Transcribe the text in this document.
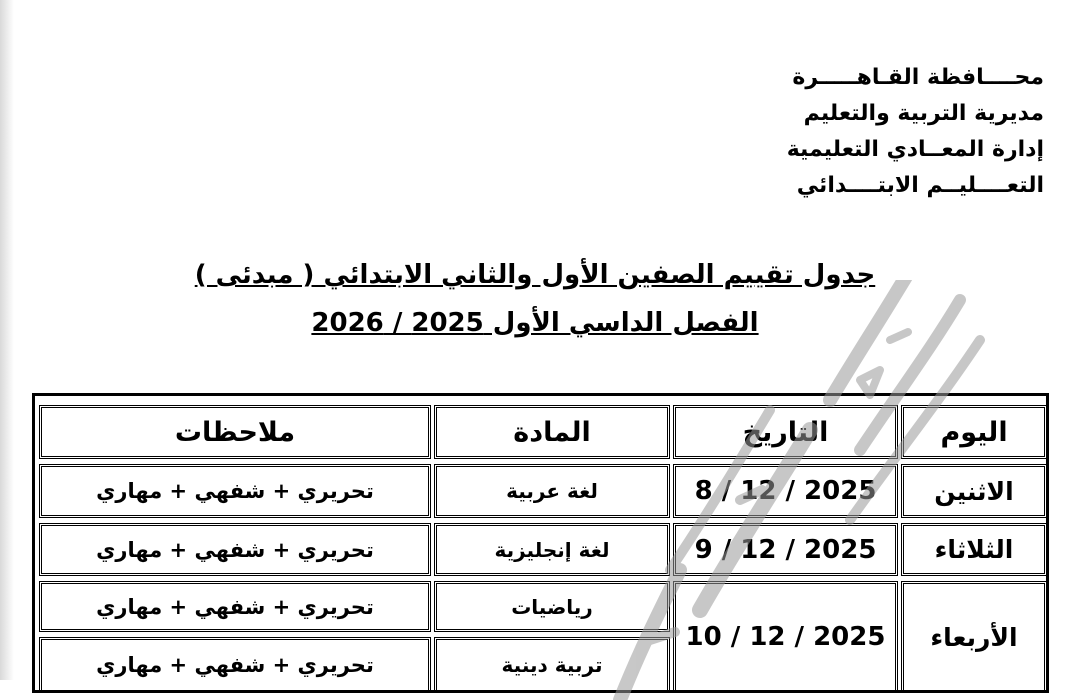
محــــافظة القـاهـــــرة
مديرية التربية والتعليم
إدارة المعــادي التعليمية
التعــــليــم الابتــــدائي
جدول تقييم الصفين الأول والثاني الابتدائي ( مبدئى )
الفصل الداسي الأول 2025 / 2026
اليوم
التاريخ
المادة
ملاحظات
الاثنين
8 / 12 / 2025
لغة عربية
تحريري + شفهي + مهاري
الثلاثاء
9 / 12 / 2025
لغة إنجليزية
تحريري + شفهي + مهاري
الأربعاء
10 / 12 / 2025
رياضيات
تحريري + شفهي + مهاري
تربية دينية
تحريري + شفهي + مهاري
